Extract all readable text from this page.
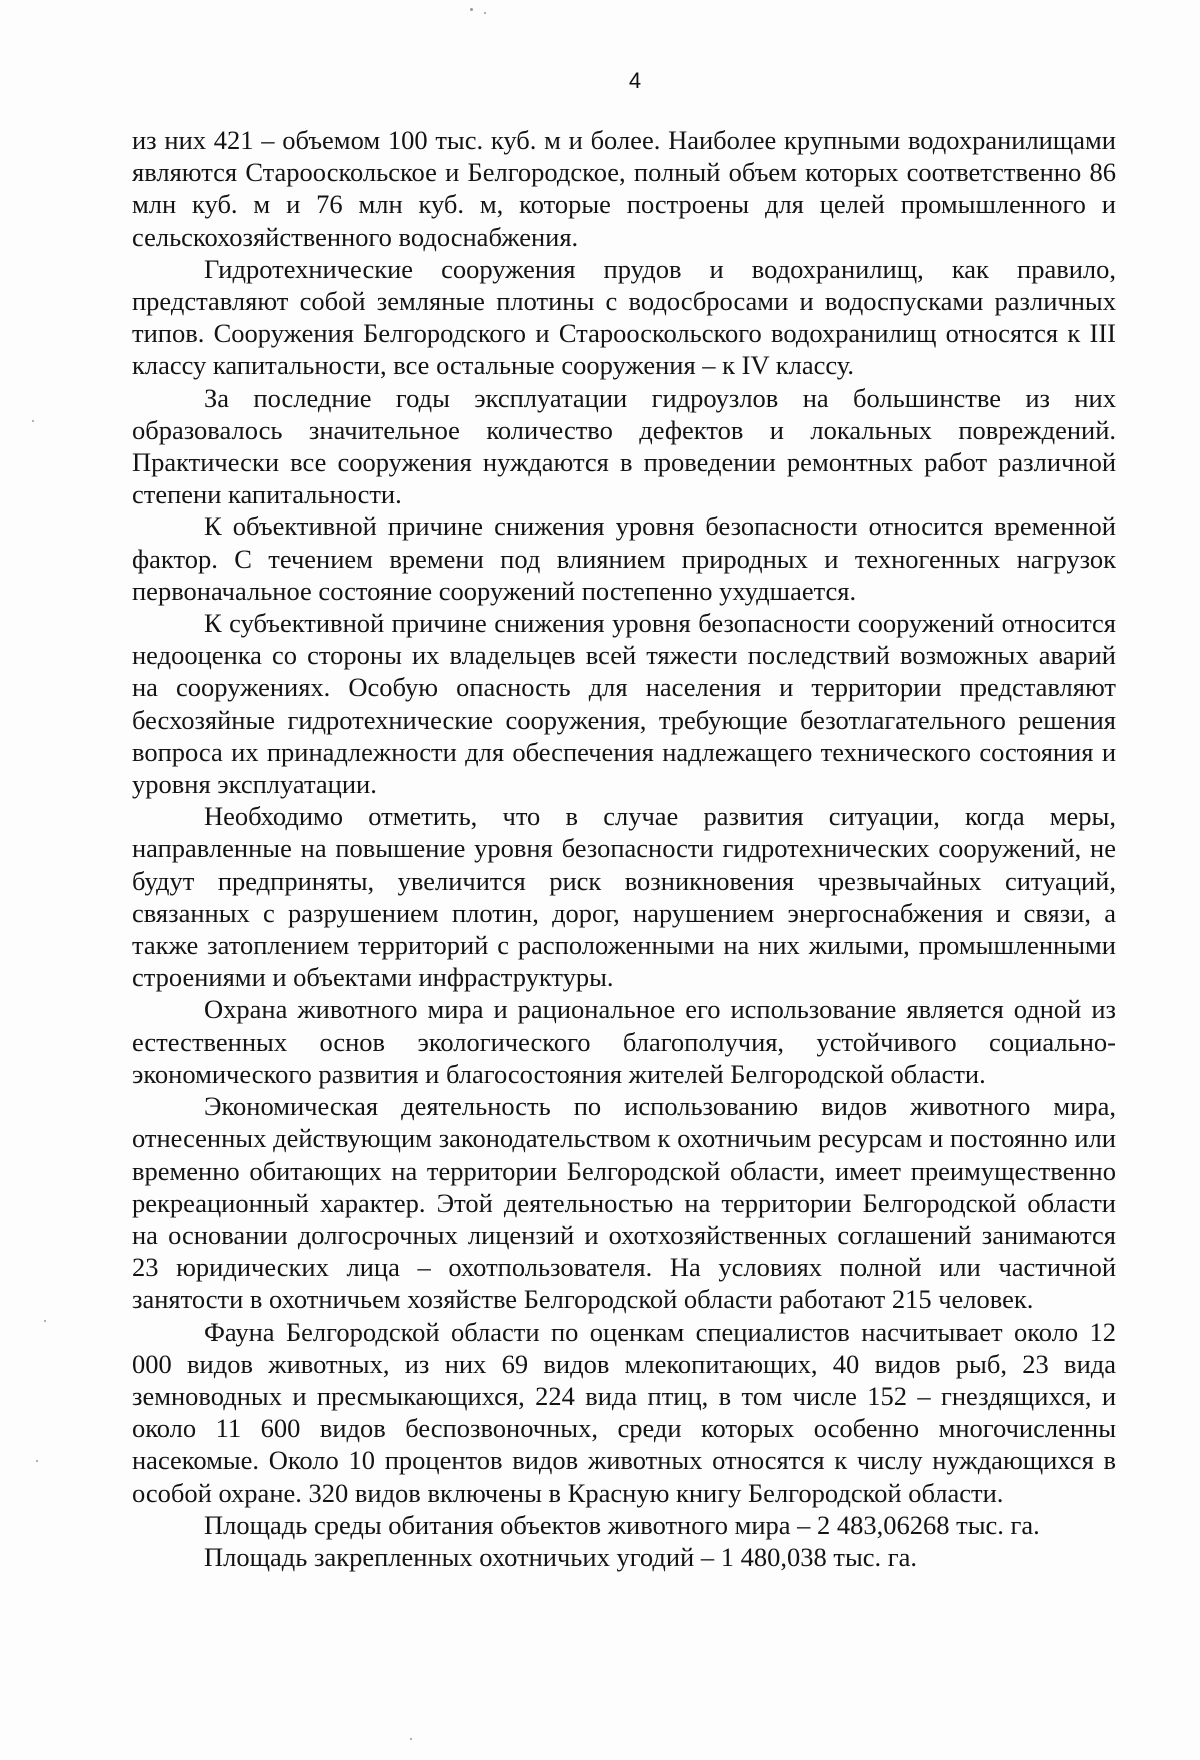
4

из них 421 – объемом 100 тыс. куб. м и более. Наиболее крупными водохранилищами являются Старооскольское и Белгородское, полный объем которых соответственно 86 млн куб. м и 76 млн куб. м, которые построены для целей промышленного и сельскохозяйственного водоснабжения.

Гидротехнические сооружения прудов и водохранилищ, как правило, представляют собой земляные плотины с водосбросами и водоспусками различных типов. Сооружения Белгородского и Старооскольского водохранилищ относятся к III классу капитальности, все остальные сооружения – к IV классу.

За последние годы эксплуатации гидроузлов на большинстве из них образовалось значительное количество дефектов и локальных повреждений. Практически все сооружения нуждаются в проведении ремонтных работ различной степени капитальности.

К объективной причине снижения уровня безопасности относится временной фактор. С течением времени под влиянием природных и техногенных нагрузок первоначальное состояние сооружений постепенно ухудшается.

К субъективной причине снижения уровня безопасности сооружений относится недооценка со стороны их владельцев всей тяжести последствий возможных аварий на сооружениях. Особую опасность для населения и территории представляют бесхозяйные гидротехнические сооружения, требующие безотлагательного решения вопроса их принадлежности для обеспечения надлежащего технического состояния и уровня эксплуатации.

Необходимо отметить, что в случае развития ситуации, когда меры, направленные на повышение уровня безопасности гидротехнических сооружений, не будут предприняты, увеличится риск возникновения чрезвычайных ситуаций, связанных с разрушением плотин, дорог, нарушением энергоснабжения и связи, а также затоплением территорий с расположенными на них жилыми, промышленными строениями и объектами инфраструктуры.

Охрана животного мира и рациональное его использование является одной из естественных основ экологического благополучия, устойчивого социально-экономического развития и благосостояния жителей Белгородской области.

Экономическая деятельность по использованию видов животного мира, отнесенных действующим законодательством к охотничьим ресурсам и постоянно или временно обитающих на территории Белгородской области, имеет преимущественно рекреационный характер. Этой деятельностью на территории Белгородской области на основании долгосрочных лицензий и охотхозяйственных соглашений занимаются 23 юридических лица – охотпользователя. На условиях полной или частичной занятости в охотничьем хозяйстве Белгородской области работают 215 человек.

Фауна Белгородской области по оценкам специалистов насчитывает около 12 000 видов животных, из них 69 видов млекопитающих, 40 видов рыб, 23 вида земноводных и пресмыкающихся, 224 вида птиц, в том числе 152 – гнездящихся, и около 11 600 видов беспозвоночных, среди которых особенно многочисленны насекомые. Около 10 процентов видов животных относятся к числу нуждающихся в особой охране. 320 видов включены в Красную книгу Белгородской области.

Площадь среды обитания объектов животного мира – 2 483,06268 тыс. га.

Площадь закрепленных охотничьих угодий – 1 480,038 тыс. га.
